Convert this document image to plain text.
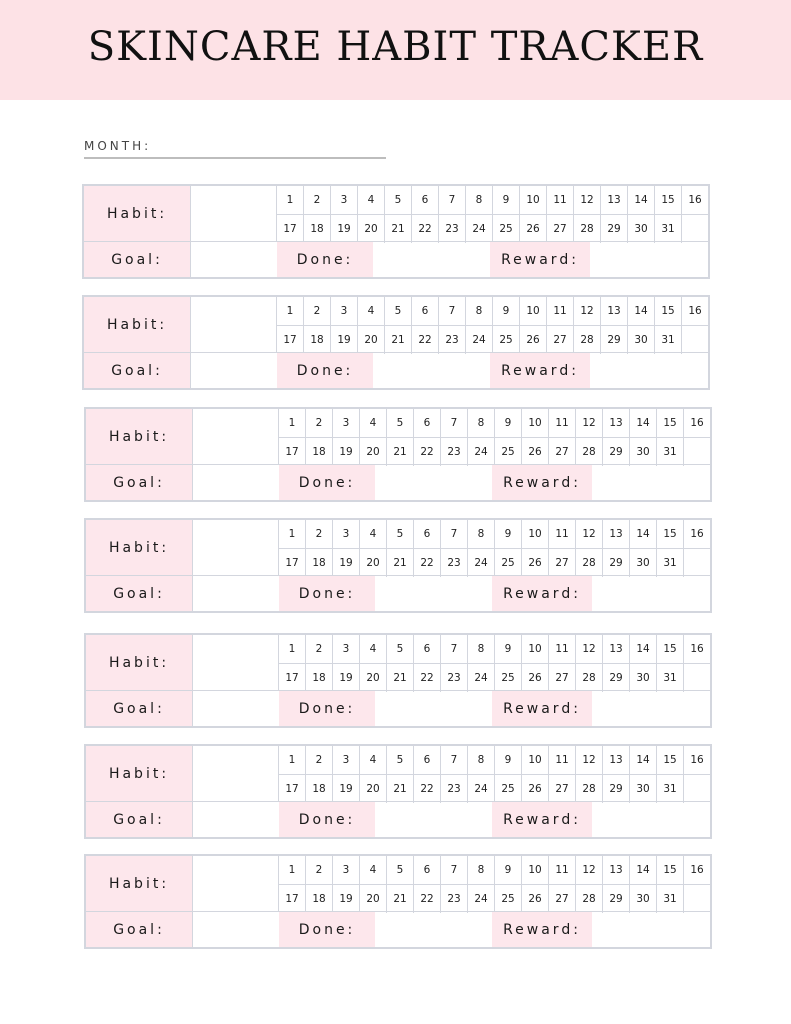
SKINCARE HABIT TRACKER
MONTH:
Habit:
1	2	3	4	5	6	7	8	9	10	11	12	13	14	15	16
17	18	19	20	21	22	23	24	25	26	27	28	29	30	31
Goal:	Done:	Reward:
Habit:
1	2	3	4	5	6	7	8	9	10	11	12	13	14	15	16
17	18	19	20	21	22	23	24	25	26	27	28	29	30	31
Goal:	Done:	Reward:
Habit:
1	2	3	4	5	6	7	8	9	10	11	12	13	14	15	16
17	18	19	20	21	22	23	24	25	26	27	28	29	30	31
Goal:	Done:	Reward:
Habit:
1	2	3	4	5	6	7	8	9	10	11	12	13	14	15	16
17	18	19	20	21	22	23	24	25	26	27	28	29	30	31
Goal:	Done:	Reward:
Habit:
1	2	3	4	5	6	7	8	9	10	11	12	13	14	15	16
17	18	19	20	21	22	23	24	25	26	27	28	29	30	31
Goal:	Done:	Reward:
Habit:
1	2	3	4	5	6	7	8	9	10	11	12	13	14	15	16
17	18	19	20	21	22	23	24	25	26	27	28	29	30	31
Goal:	Done:	Reward:
Habit:
1	2	3	4	5	6	7	8	9	10	11	12	13	14	15	16
17	18	19	20	21	22	23	24	25	26	27	28	29	30	31
Goal:	Done:	Reward:
